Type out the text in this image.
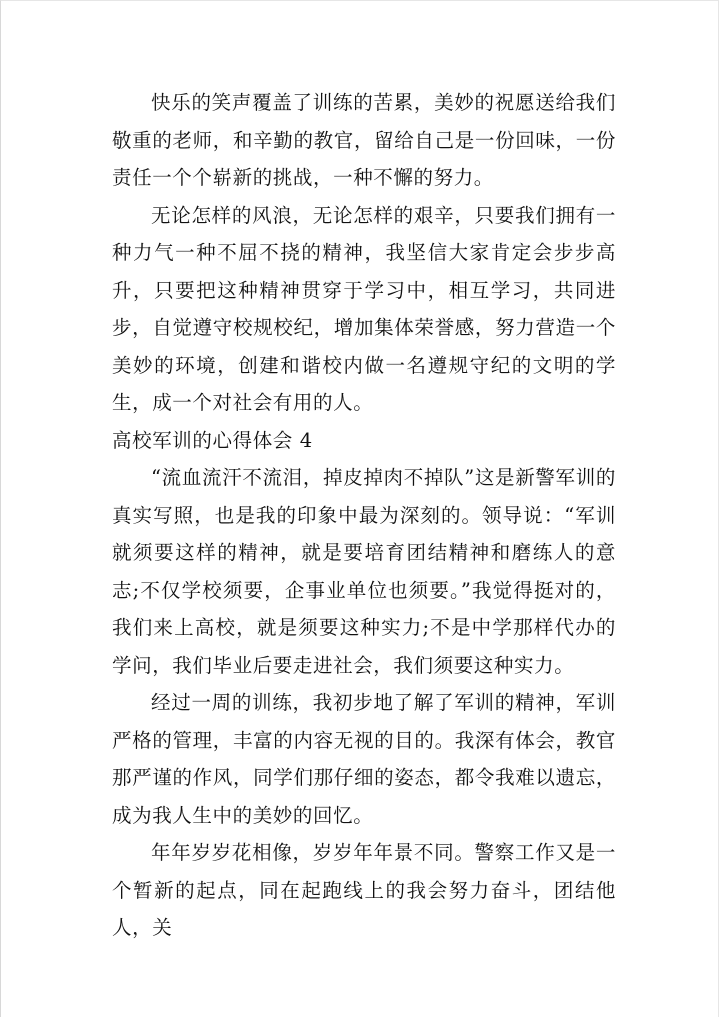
快乐的笑声覆盖了训练的苦累，美妙的祝愿送给我们敬重的老师，和辛勤的教官，留给自己是一份回味，一份责任一个个崭新的挑战，一种不懈的努力。

无论怎样的风浪，无论怎样的艰辛，只要我们拥有一种力气一种不屈不挠的精神，我坚信大家肯定会步步高升，只要把这种精神贯穿于学习中，相互学习，共同进步，自觉遵守校规校纪，增加集体荣誉感，努力营造一个美妙的环境，创建和谐校内做一名遵规守纪的文明的学生，成一个对社会有用的人。

高校军训的心得体会 4

“流血流汗不流泪，掉皮掉肉不掉队”这是新警军训的真实写照，也是我的印象中最为深刻的。领导说：“军训就须要这样的精神，就是要培育团结精神和磨练人的意志;不仅学校须要，企事业单位也须要。”我觉得挺对的，我们来上高校，就是须要这种实力;不是中学那样代办的学问，我们毕业后要走进社会，我们须要这种实力。

经过一周的训练，我初步地了解了军训的精神，军训严格的管理，丰富的内容无视的目的。我深有体会，教官那严谨的作风，同学们那仔细的姿态，都令我难以遗忘，成为我人生中的美妙的回忆。

年年岁岁花相像，岁岁年年景不同。警察工作又是一个暂新的起点，同在起跑线上的我会努力奋斗，团结他人，关
